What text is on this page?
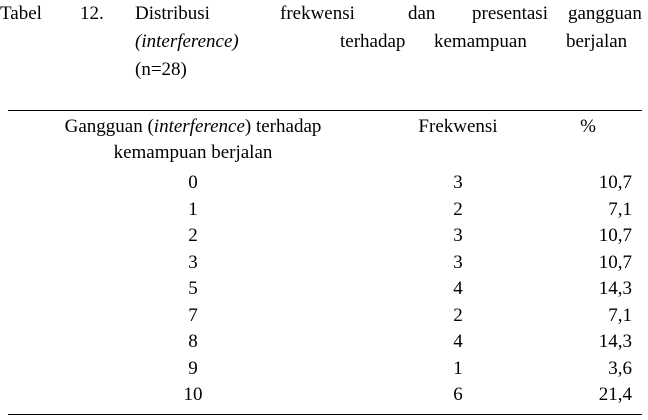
Tabel 12. Distribusi	frekwensi	dan presentasi gangguan
(interference)	terhadap kemampuan berjalan
(n=28)
Gangguan (interference) terhadap
kemampuan berjalan
Frekwensi	%
0	3	10,7
1	2	7,1
2	3	10,7
3	3	10,7
5	4	14,3
7	2	7,1
8	4	14,3
9	1	3,6
10	6	21,4
